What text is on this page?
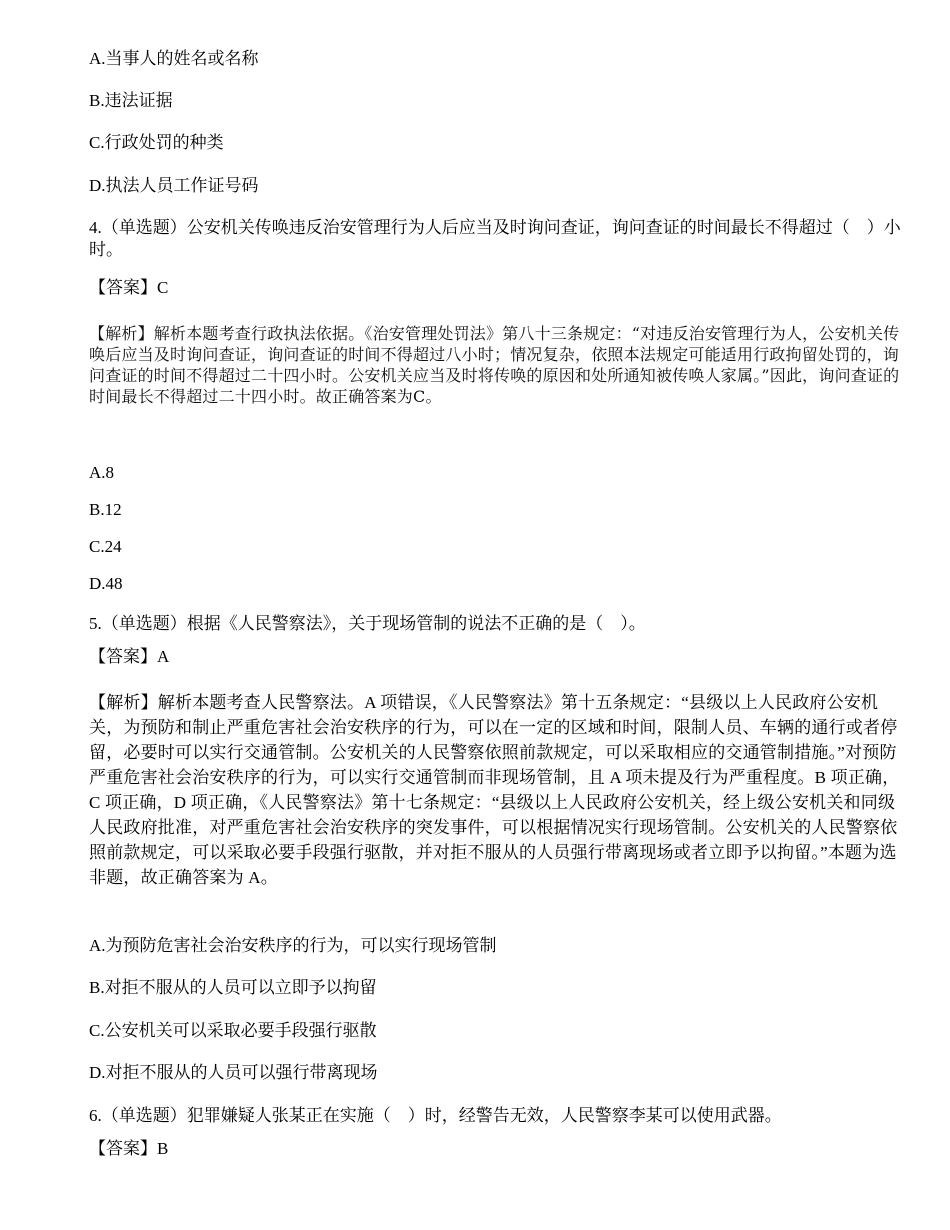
A.当事人的姓名或名称
B.违法证据
C.行政处罚的种类
D.执法人员工作证号码
4.（单选题）公安机关传唤违反治安管理行为人后应当及时询问查证，询问查证的时间最长不得超过（　）小时。
【答案】C
【解析】解析本题考查行政执法依据。《治安管理处罚法》第八十三条规定：“对违反治安管理行为人，公安机关传唤后应当及时询问查证，询问查证的时间不得超过八小时；情况复杂，依照本法规定可能适用行政拘留处罚的，询问查证的时间不得超过二十四小时。公安机关应当及时将传唤的原因和处所通知被传唤人家属。”因此，询问查证的时间最长不得超过二十四小时。故正确答案为C。
A.8
B.12
C.24
D.48
5.（单选题）根据《人民警察法》，关于现场管制的说法不正确的是（　）。
【答案】A
【解析】解析本题考查人民警察法。A 项错误，《人民警察法》第十五条规定：“县级以上人民政府公安机关，为预防和制止严重危害社会治安秩序的行为，可以在一定的区域和时间，限制人员、车辆的通行或者停留，必要时可以实行交通管制。公安机关的人民警察依照前款规定，可以采取相应的交通管制措施。”对预防严重危害社会治安秩序的行为，可以实行交通管制而非现场管制，且 A 项未提及行为严重程度。B 项正确，C 项正确，D 项正确，《人民警察法》第十七条规定：“县级以上人民政府公安机关，经上级公安机关和同级人民政府批准，对严重危害社会治安秩序的突发事件，可以根据情况实行现场管制。公安机关的人民警察依照前款规定，可以采取必要手段强行驱散，并对拒不服从的人员强行带离现场或者立即予以拘留。”本题为选非题，故正确答案为 A。
A.为预防危害社会治安秩序的行为，可以实行现场管制
B.对拒不服从的人员可以立即予以拘留
C.公安机关可以采取必要手段强行驱散
D.对拒不服从的人员可以强行带离现场
6.（单选题）犯罪嫌疑人张某正在实施（　）时，经警告无效，人民警察李某可以使用武器。
【答案】B
